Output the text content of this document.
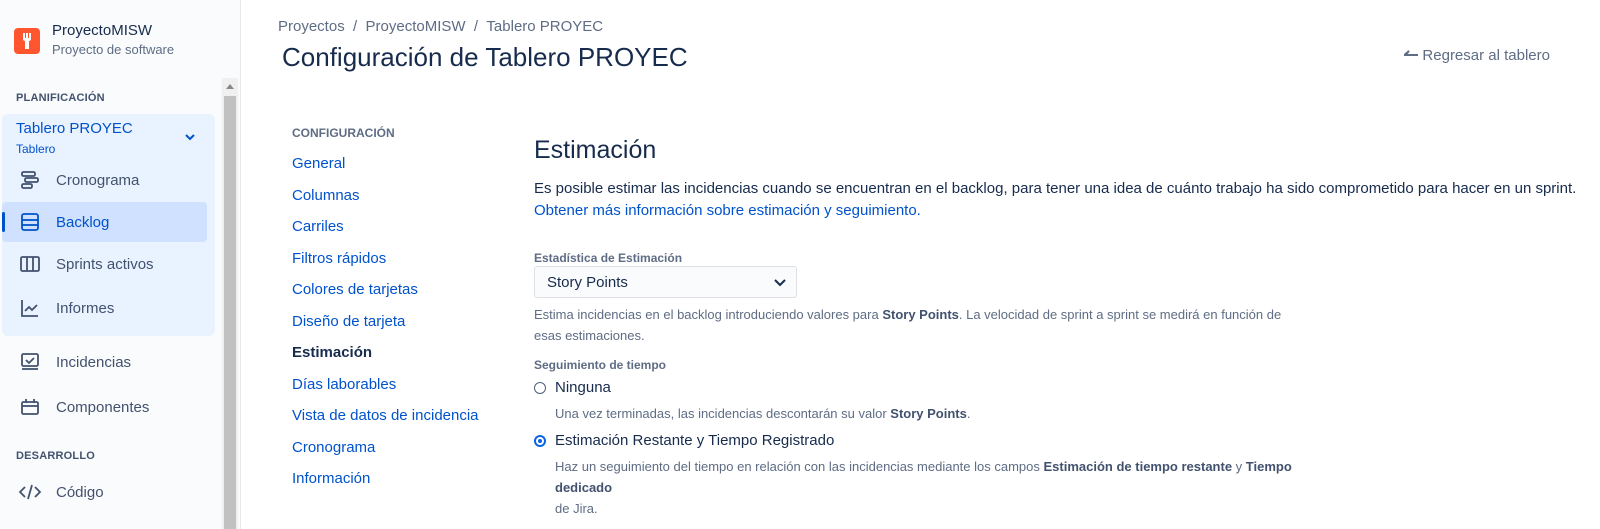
ProyectoMISW
Proyecto de software
PLANIFICACIÓN
Tablero PROYEC
Tablero
Cronograma
Backlog
Sprints activos
Informes
Incidencias
Componentes
DESARROLLO
Código
Proyectos / ProyectoMISW / Tablero PROYEC
Configuración de Tablero PROYEC	Regresar al tablero
CONFIGURACIÓN
General
Columnas
Carriles
Filtros rápidos
Colores de tarjetas
Diseño de tarjeta
Estimación
Días laborables
Vista de datos de incidencia
Cronograma
Información
Estimación
Es posible estimar las incidencias cuando se encuentran en el backlog, para tener una idea de cuánto trabajo ha sido comprometido para hacer en un sprint.
Obtener más información sobre estimación y seguimiento.
Estadística de Estimación
Story Points
Estima incidencias en el backlog introduciendo valores para Story Points. La velocidad de sprint a sprint se medirá en función de esas estimaciones.
Seguimiento de tiempo
Ninguna
Una vez terminadas, las incidencias descontarán su valor Story Points.
Estimación Restante y Tiempo Registrado
Haz un seguimiento del tiempo en relación con las incidencias mediante los campos Estimación de tiempo restante y Tiempo dedicado
de Jira.
